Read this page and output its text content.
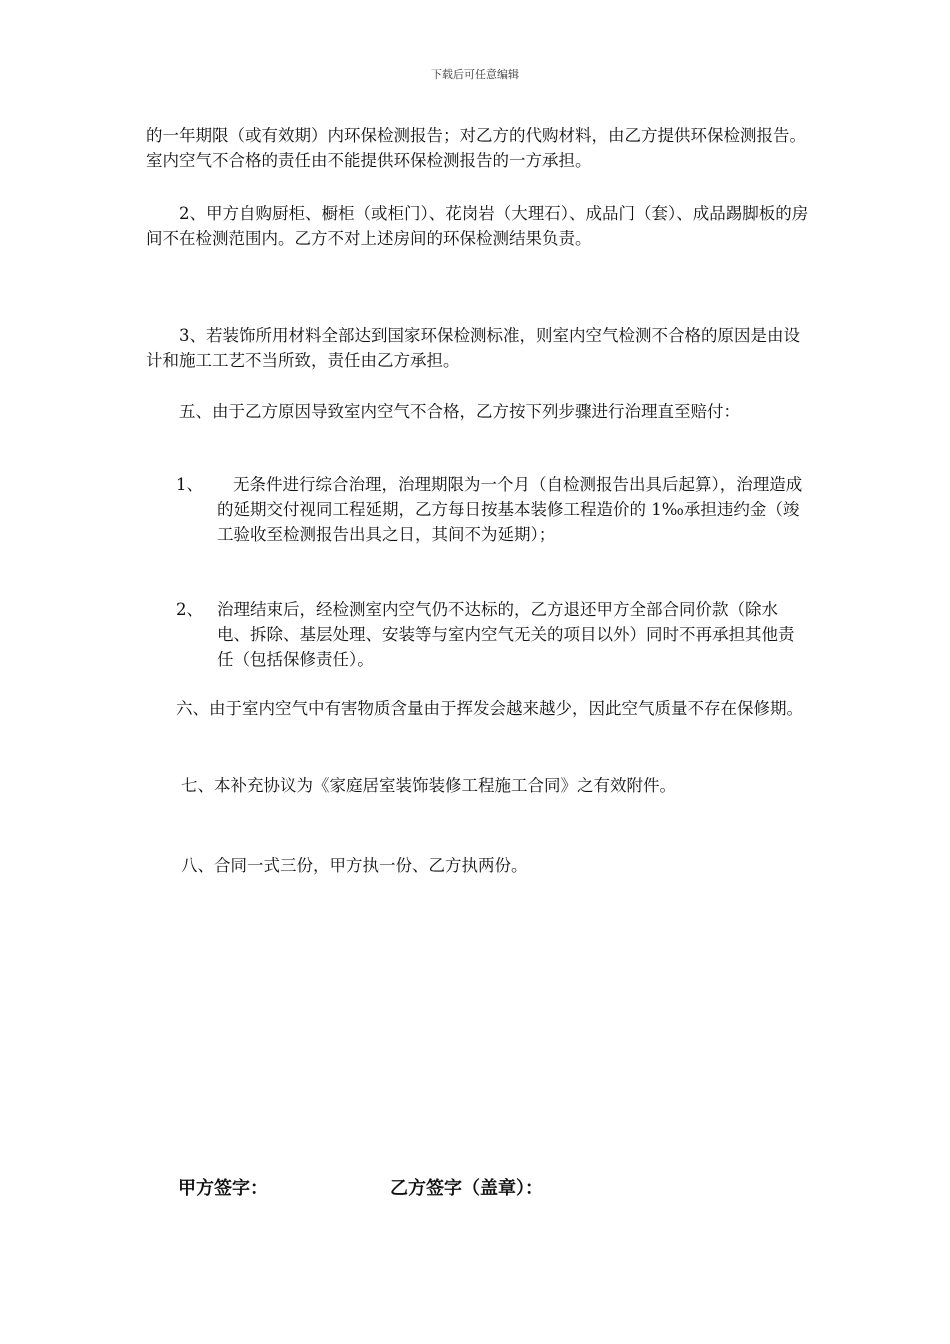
下载后可任意编辑

的一年期限（或有效期）内环保检测报告；对乙方的代购材料，由乙方提供环保检测报告。室内空气不合格的责任由不能提供环保检测报告的一方承担。

2、甲方自购厨柜、橱柜（或柜门）、花岗岩（大理石）、成品门（套）、成品踢脚板的房间不在检测范围内。乙方不对上述房间的环保检测结果负责。

3、若装饰所用材料全部达到国家环保检测标准，则室内空气检测不合格的原因是由设计和施工工艺不当所致，责任由乙方承担。

五、由于乙方原因导致室内空气不合格，乙方按下列步骤进行治理直至赔付：

1、	无条件进行综合治理，治理期限为一个月（自检测报告出具后起算），治理造成的延期交付视同工程延期，乙方每日按基本装修工程造价的 1‰承担违约金（竣工验收至检测报告出具之日，其间不为延期）；
2、 治理结束后，经检测室内空气仍不达标的，乙方退还甲方全部合同价款（除水电、拆除、基层处理、安装等与室内空气无关的项目以外）同时不再承担其他责任（包括保修责任）。

六、由于室内空气中有害物质含量由于挥发会越来越少，因此空气质量不存在保修期。

七、本补充协议为《家庭居室装饰装修工程施工合同》之有效附件。

八、合同一式三份，甲方执一份、乙方执两份。

甲方签字：	乙方签字（盖章）：
